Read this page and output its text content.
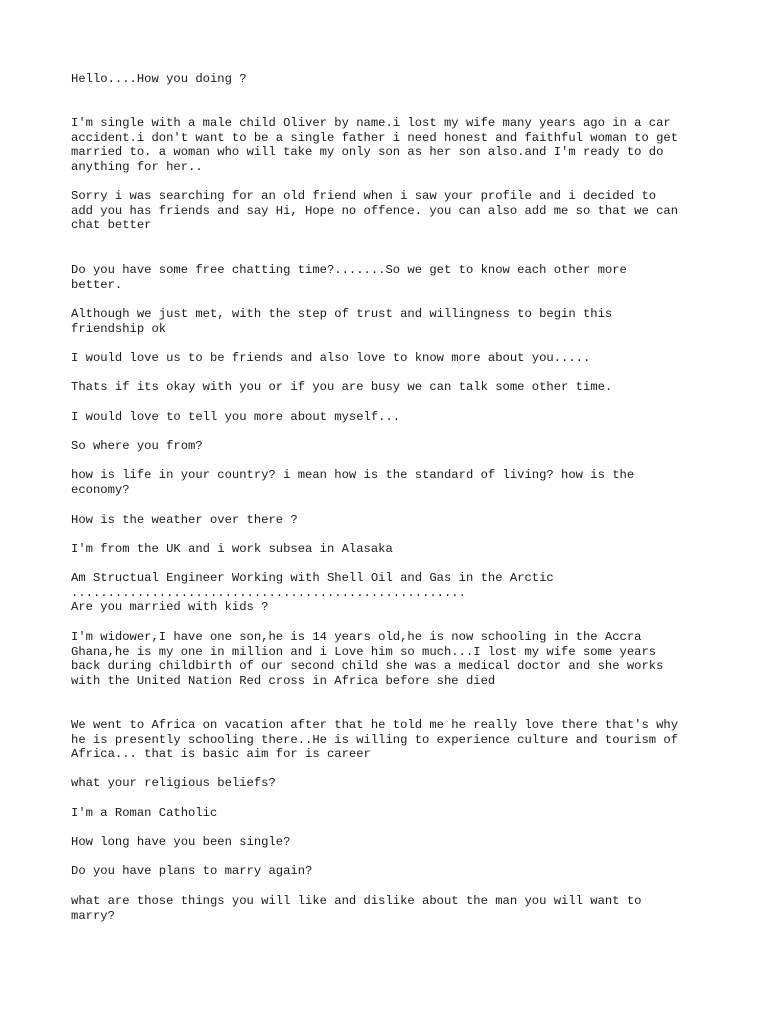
Hello....How you doing ?

I'm single with a male child Oliver by name.i lost my wife many years ago in a car
accident.i don't want to be a single father i need honest and faithful woman to get
married to. a woman who will take my only son as her son also.and I'm ready to do
anything for her..

Sorry i was searching for an old friend when i saw your profile and i decided to
add you has friends and say Hi, Hope no offence. you can also add me so that we can
chat better

Do you have some free chatting time?.......So we get to know each other more
better.

Although we just met, with the step of trust and willingness to begin this
friendship ok

I would love us to be friends and also love to know more about you.....

Thats if its okay with you or if you are busy we can talk some other time.

I would love to tell you more about myself...

So where you from?

how is life in your country? i mean how is the standard of living? how is the
economy?

How is the weather over there ?

I'm from the UK and i work subsea in Alasaka

Am Structual Engineer Working with Shell Oil and Gas in the Arctic
......................................................
Are you married with kids ?

I'm widower,I have one son,he is 14 years old,he is now schooling in the Accra
Ghana,he is my one in million and i Love him so much...I lost my wife some years
back during childbirth of our second child she was a medical doctor and she works
with the United Nation Red cross in Africa before she died

We went to Africa on vacation after that he told me he really love there that's why
he is presently schooling there..He is willing to experience culture and tourism of
Africa... that is basic aim for is career

what your religious beliefs?

I'm a Roman Catholic

How long have you been single?

Do you have plans to marry again?

what are those things you will like and dislike about the man you will want to
marry?
